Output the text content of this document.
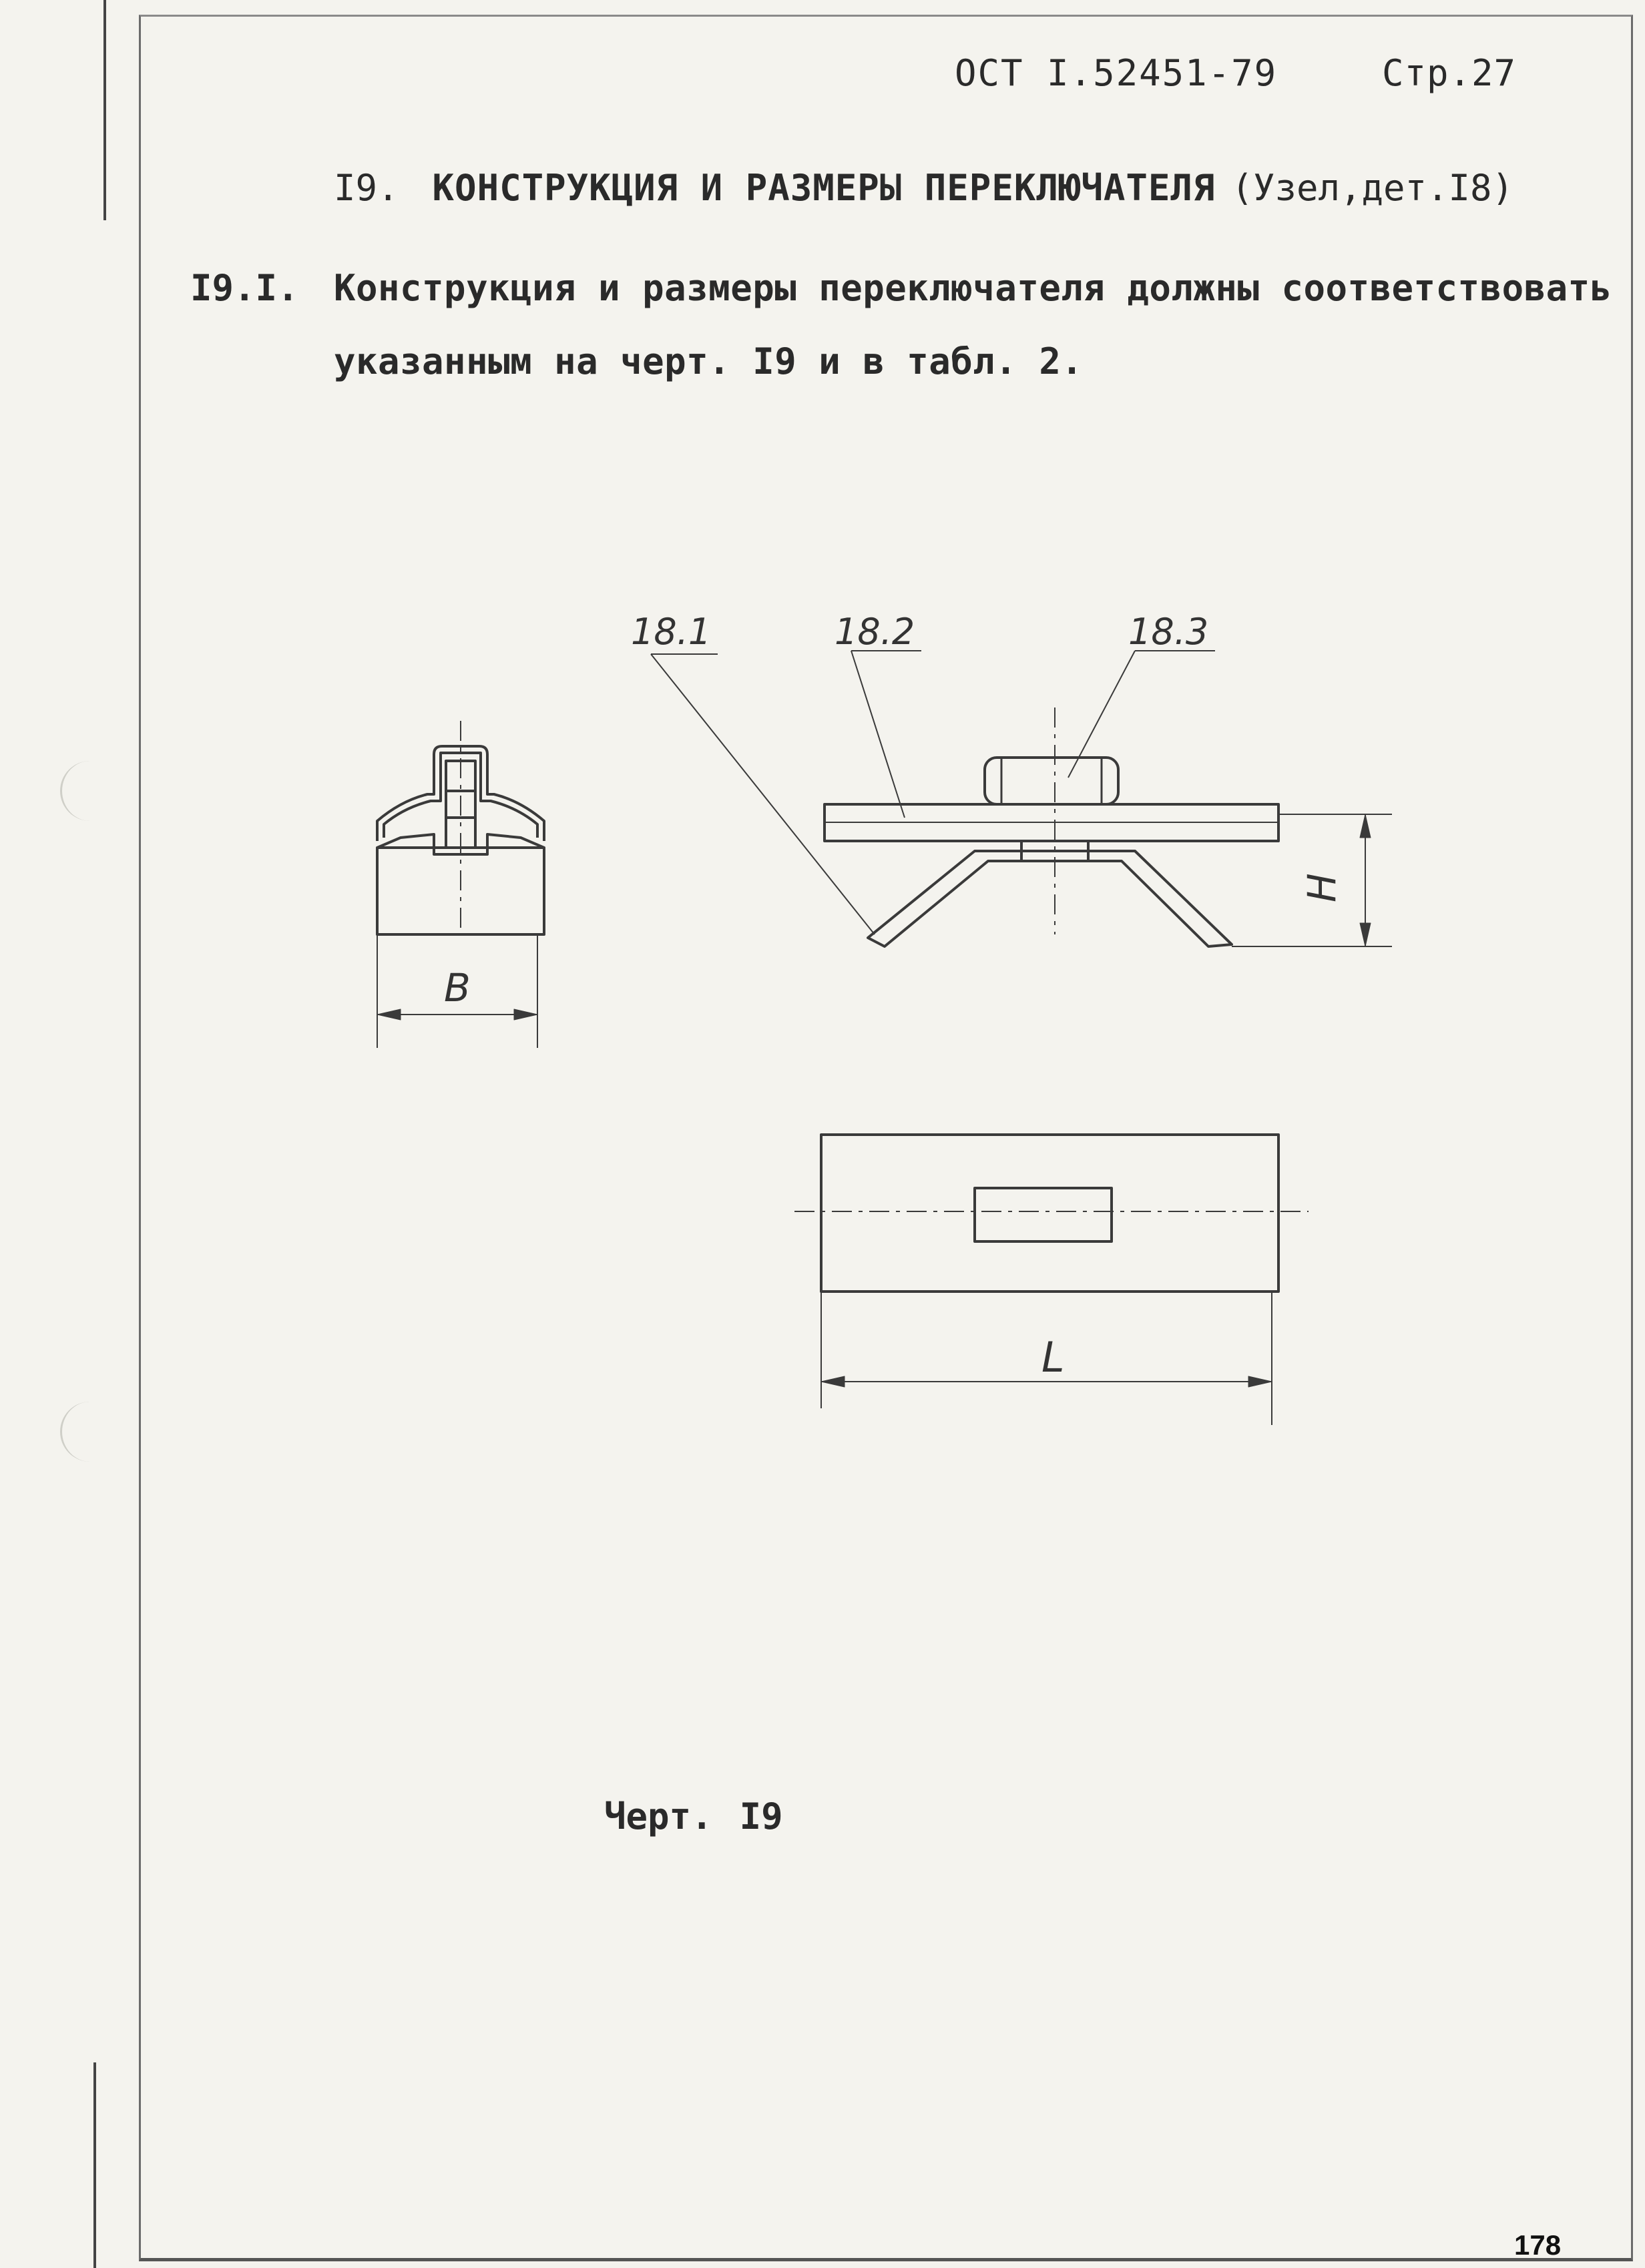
ОСТ I.52451-79	Стр.27
I9. КОНСТРУКЦИЯ И РАЗМЕРЫ ПЕРЕКЛЮЧАТЕЛЯ (Узел,дет.I8)
I9.I. Конструкция и размеры переключателя должны соответствовать
указанным на черт. I9 и в табл. 2.
18.1	18.2	18.3
B
H
L
Черт. I9
178
